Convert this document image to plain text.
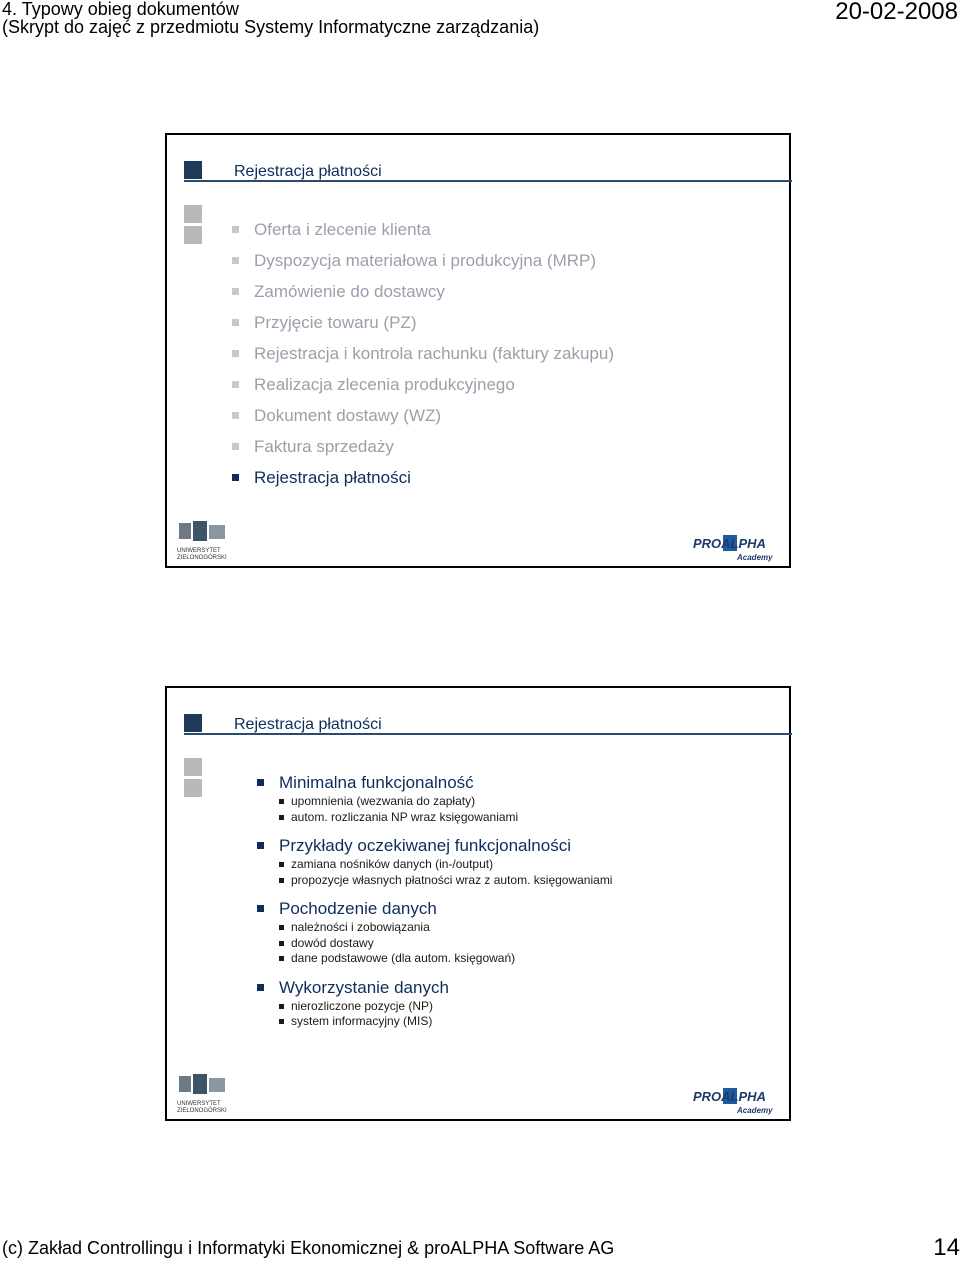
4. Typowy obieg dokumentów
(Skrypt do zajęć z przedmiotu Systemy Informatyczne zarządzania)
20-02-2008
Rejestracja płatności
Oferta i zlecenie klienta
Dyspozycja materiałowa i produkcyjna (MRP)
Zamówienie do dostawcy
Przyjęcie towaru (PZ)
Rejestracja i kontrola rachunku (faktury zakupu)
Realizacja zlecenia produkcyjnego
Dokument dostawy (WZ)
Faktura sprzedaży
Rejestracja płatności
UNIWERSYTET
ZIELONOGÓRSKI
PROALPHA
Academy
Rejestracja płatności
Minimalna funkcjonalność
upomnienia (wezwania do zapłaty)
autom. rozliczania NP wraz księgowaniami
Przykłady oczekiwanej funkcjonalności
zamiana nośników danych (in-/output)
propozycje własnych płatności wraz z autom. księgowaniami
Pochodzenie danych
należności i zobowiązania
dowód dostawy
dane podstawowe (dla autom. księgowań)
Wykorzystanie danych
nierozliczone pozycje (NP)
system informacyjny (MIS)
UNIWERSYTET
ZIELONOGÓRSKI
PROALPHA
Academy
(c) Zakład Controllingu i Informatyki Ekonomicznej & proALPHA Software AG	14
